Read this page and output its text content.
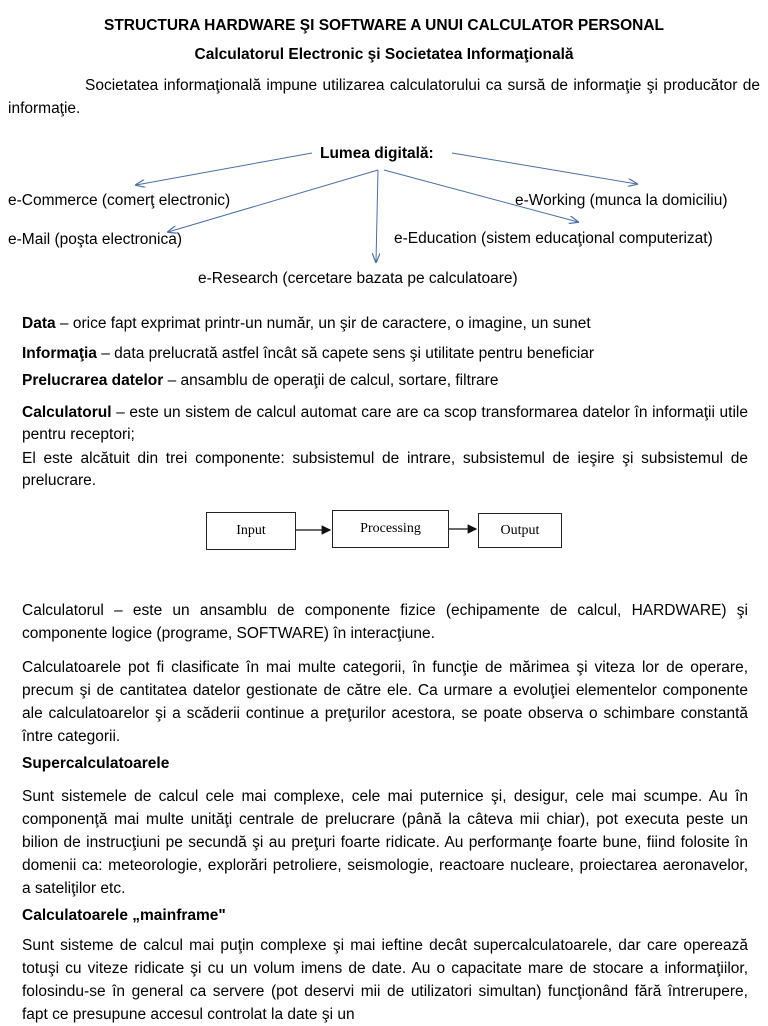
STRUCTURA HARDWARE ŞI SOFTWARE A UNUI CALCULATOR PERSONAL
Calculatorul Electronic şi Societatea Informaţională
Societatea informaţională impune utilizarea calculatorului ca sursă de informaţie şi producător de informaţie.
Lumea digitală:
e-Commerce (comerţ electronic)	e-Working (munca la domiciliu)
e-Mail (poşta electronica)	e-Education (sistem educaţional computerizat)
e-Research (cercetare bazata pe calculatoare)
Data – orice fapt exprimat printr-un număr, un şir de caractere, o imagine, un sunet
Informaţia – data prelucrată astfel încât să capete sens şi utilitate pentru beneficiar
Prelucrarea datelor – ansamblu de operaţii de calcul, sortare, filtrare
Calculatorul – este un sistem de calcul automat care are ca scop transformarea datelor în informaţii utile pentru receptori;
El este alcătuit din trei componente: subsistemul de intrare, subsistemul de ieşire şi subsistemul de prelucrare.
Input	Processing	Output
Calculatorul – este un ansamblu de componente fizice (echipamente de calcul, HARDWARE) şi componente logice (programe, SOFTWARE) în interacţiune.
Calculatoarele pot fi clasificate în mai multe categorii, în funcţie de mărimea şi viteza lor de operare, precum şi de cantitatea datelor gestionate de către ele. Ca urmare a evoluţiei elementelor componente ale calculatoarelor şi a scăderii continue a preţurilor acestora, se poate observa o schimbare constantă între categorii.
Supercalculatoarele
Sunt sistemele de calcul cele mai complexe, cele mai puternice şi, desigur, cele mai scumpe. Au în componenţă mai multe unităţi centrale de prelucrare (până la câteva mii chiar), pot executa peste un bilion de instrucţiuni pe secundă şi au preţuri foarte ridicate. Au performanţe foarte bune, fiind folosite în domenii ca: meteorologie, explorări petroliere, seismologie, reactoare nucleare, proiectarea aeronavelor, a sateliţilor etc.
Calculatoarele „mainframe"
Sunt sisteme de calcul mai puţin complexe şi mai ieftine decât supercalculatoarele, dar care operează totuşi cu viteze ridicate şi cu un volum imens de date. Au o capacitate mare de stocare a informaţiilor, folosindu-se în general ca servere (pot deservi mii de utilizatori simultan) funcţionând fără întrerupere, fapt ce presupune accesul controlat la date şi un
